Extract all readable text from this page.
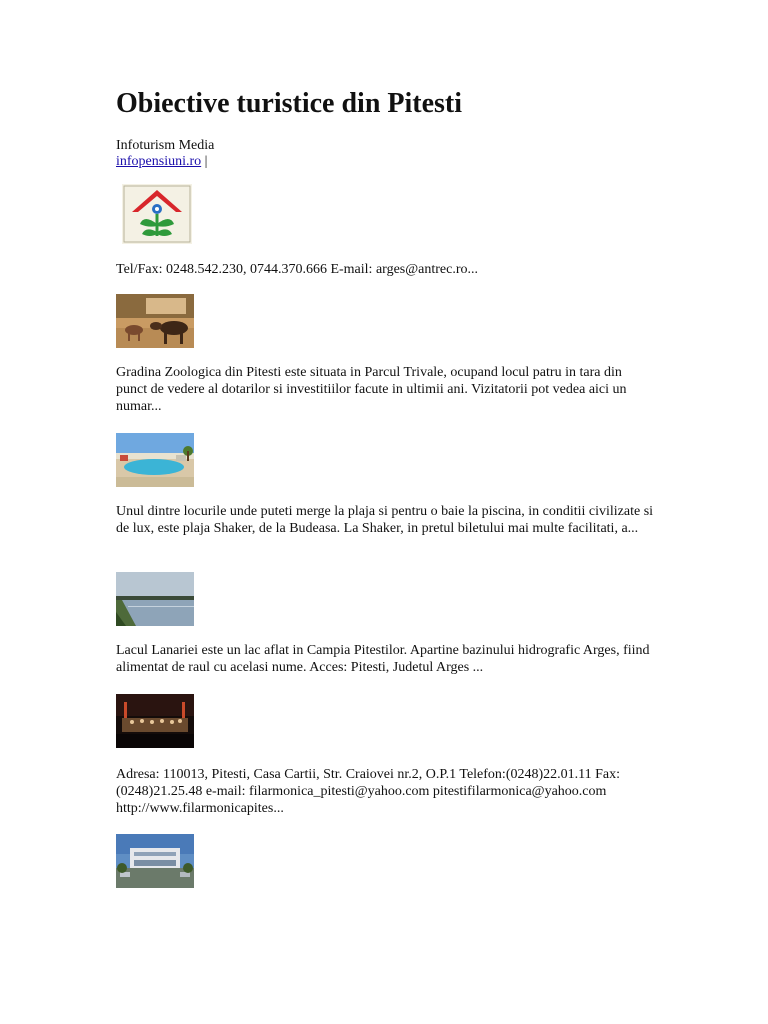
Obiective turistice din Pitesti
Infoturism Media
infopensiuni.ro |
Tel/Fax: 0248.542.230, 0744.370.666 E-mail: arges@antrec.ro...
Gradina Zoologica din Pitesti este situata in Parcul Trivale, ocupand locul patru in tara din punct de vedere al dotarilor si investitiilor facute in ultimii ani. Vizitatorii pot vedea aici un numar...
Unul dintre locurile unde puteti merge la plaja si pentru o baie la piscina, in conditii civilizate si de lux, este plaja Shaker, de la Budeasa. La Shaker, in pretul biletului mai multe facilitati, a...
Lacul Lanariei este un lac aflat in Campia Pitestilor. Apartine bazinului hidrografic Arges, fiind alimentat de raul cu acelasi nume. Acces: Pitesti, Judetul Arges ...
Adresa: 110013, Pitesti, Casa Cartii, Str. Craiovei nr.2, O.P.1 Telefon:(0248)22.01.11 Fax:(0248)21.25.48 e-mail: filarmonica_pitesti@yahoo.com pitestifilarmonica@yahoo.com http://www.filarmonicapites...
